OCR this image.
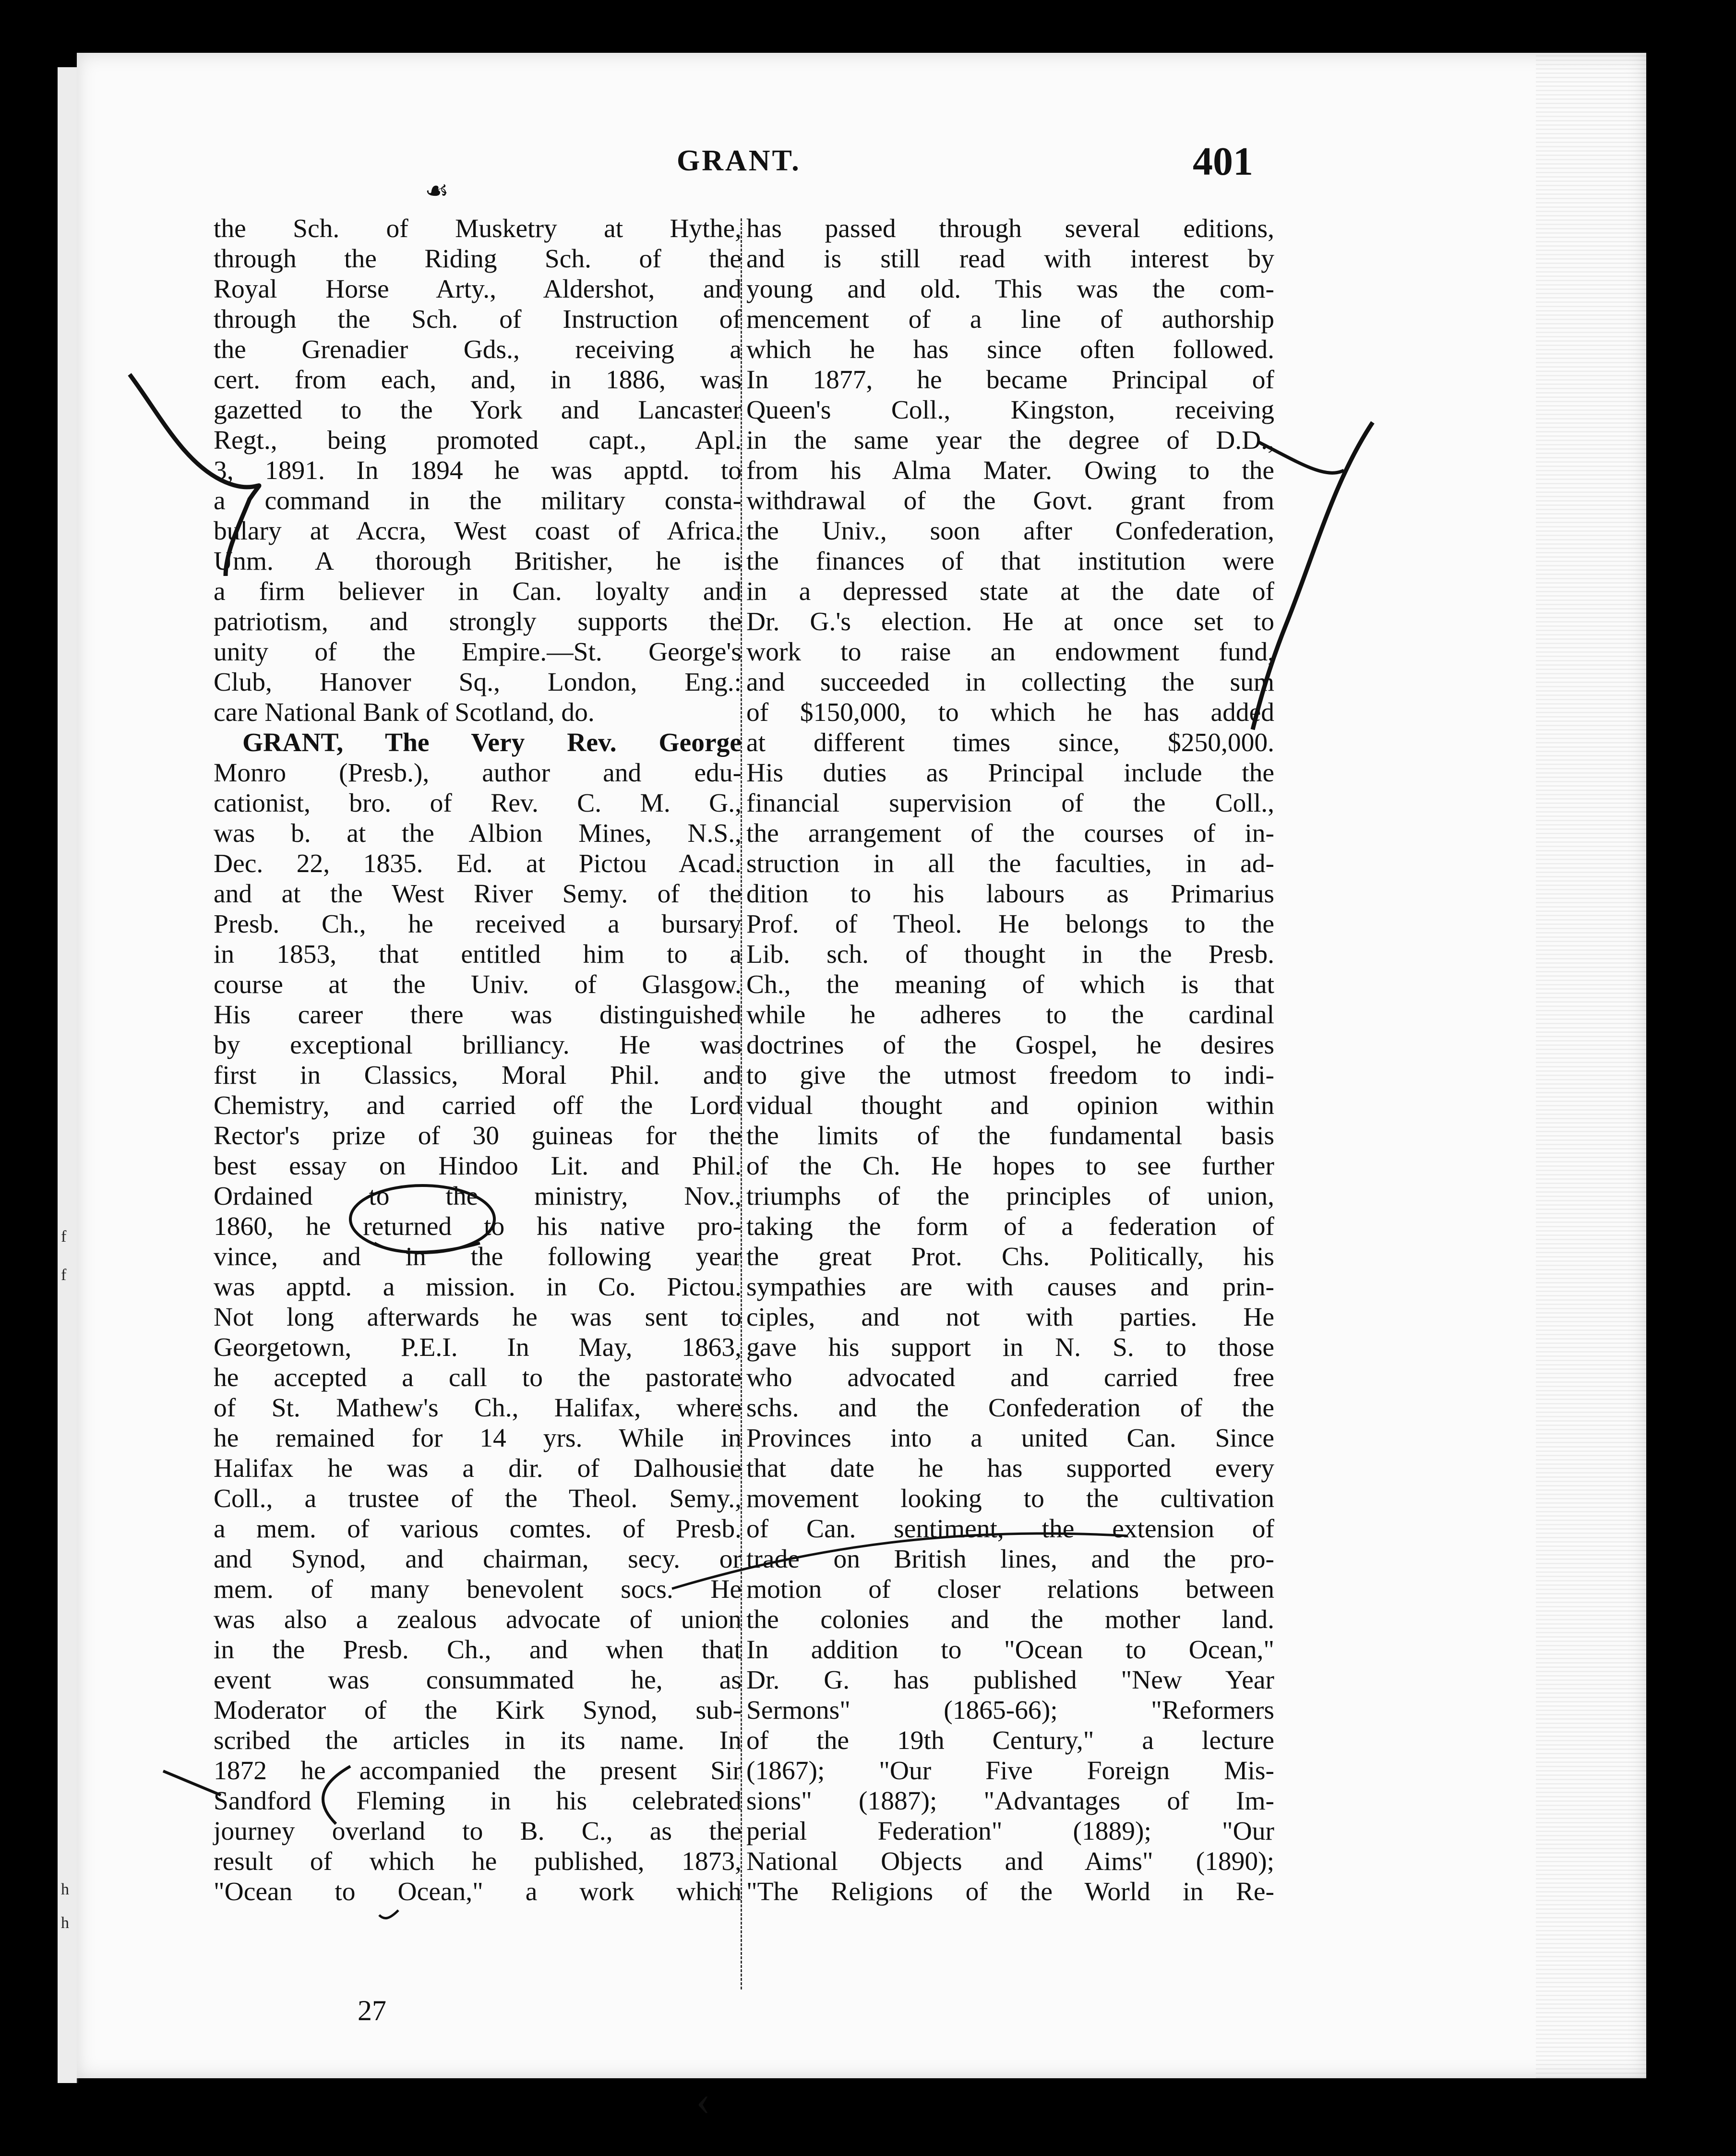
f
f
h
h
☙
GRANT.	401
the Sch. of Musketry at Hythe,
through the Riding Sch. of the
Royal Horse Arty., Aldershot, and
through the Sch. of Instruction of
the Grenadier Gds., receiving a
cert. from each, and, in 1886, was
gazetted to the York and Lancaster
Regt., being promoted capt., Apl.
3, 1891. In 1894 he was apptd. to
a command in the military consta-
bulary at Accra, West coast of Africa.
Unm. A thorough Britisher, he is
a firm believer in Can. loyalty and
patriotism, and strongly supports the
unity of the Empire.—St. George's
Club, Hanover Sq., London, Eng.:
care National Bank of Scotland, do.
GRANT, The Very Rev. George
Monro (Presb.), author and edu-
cationist, bro. of Rev. C. M. G.,
was b. at the Albion Mines, N.S.,
Dec. 22, 1835. Ed. at Pictou Acad.
and at the West River Semy. of the
Presb. Ch., he received a bursary
in 1853, that entitled him to a
course at the Univ. of Glasgow.
His career there was distinguished
by exceptional brilliancy. He was
first in Classics, Moral Phil. and
Chemistry, and carried off the Lord
Rector's prize of 30 guineas for the
best essay on Hindoo Lit. and Phil.
Ordained to the ministry, Nov.,
1860, he returned to his native pro-
vince, and in the following year
was apptd. a mission. in Co. Pictou.
Not long afterwards he was sent to
Georgetown, P.E.I. In May, 1863,
he accepted a call to the pastorate
of St. Mathew's Ch., Halifax, where
he remained for 14 yrs. While in
Halifax he was a dir. of Dalhousie
Coll., a trustee of the Theol. Semy.,
a mem. of various comtes. of Presb.
and Synod, and chairman, secy. or
mem. of many benevolent socs. He
was also a zealous advocate of union
in the Presb. Ch., and when that
event was consummated he, as
Moderator of the Kirk Synod, sub-
scribed the articles in its name. In
1872 he accompanied the present Sir
Sandford Fleming in his celebrated
journey overland to B. C., as the
result of which he published, 1873,
"Ocean to Ocean," a work which
has passed through several editions,
and is still read with interest by
young and old. This was the com-
mencement of a line of authorship
which he has since often followed.
In 1877, he became Principal of
Queen's Coll., Kingston, receiving
in the same year the degree of D.D.,
from his Alma Mater. Owing to the
withdrawal of the Govt. grant from
the Univ., soon after Confederation,
the finances of that institution were
in a depressed state at the date of
Dr. G.'s election. He at once set to
work to raise an endowment fund,
and succeeded in collecting the sum
of $150,000, to which he has added
at different times since, $250,000.
His duties as Principal include the
financial supervision of the Coll.,
the arrangement of the courses of in-
struction in all the faculties, in ad-
dition to his labours as Primarius
Prof. of Theol. He belongs to the
Lib. sch. of thought in the Presb.
Ch., the meaning of which is that
while he adheres to the cardinal
doctrines of the Gospel, he desires
to give the utmost freedom to indi-
vidual thought and opinion within
the limits of the fundamental basis
of the Ch. He hopes to see further
triumphs of the principles of union,
taking the form of a federation of
the great Prot. Chs. Politically, his
sympathies are with causes and prin-
ciples, and not with parties. He
gave his support in N. S. to those
who advocated and carried free
schs. and the Confederation of the
Provinces into a united Can. Since
that date he has supported every
movement looking to the cultivation
of Can. sentiment, the extension of
trade on British lines, and the pro-
motion of closer relations between
the colonies and the mother land.
In addition to "Ocean to Ocean,"
Dr. G. has published "New Year
Sermons" (1865-66); "Reformers
of the 19th Century," a lecture
(1867); "Our Five Foreign Mis-
sions" (1887); "Advantages of Im-
perial Federation" (1889); "Our
National Objects and Aims" (1890);
"The Religions of the World in Re-
27
‹
